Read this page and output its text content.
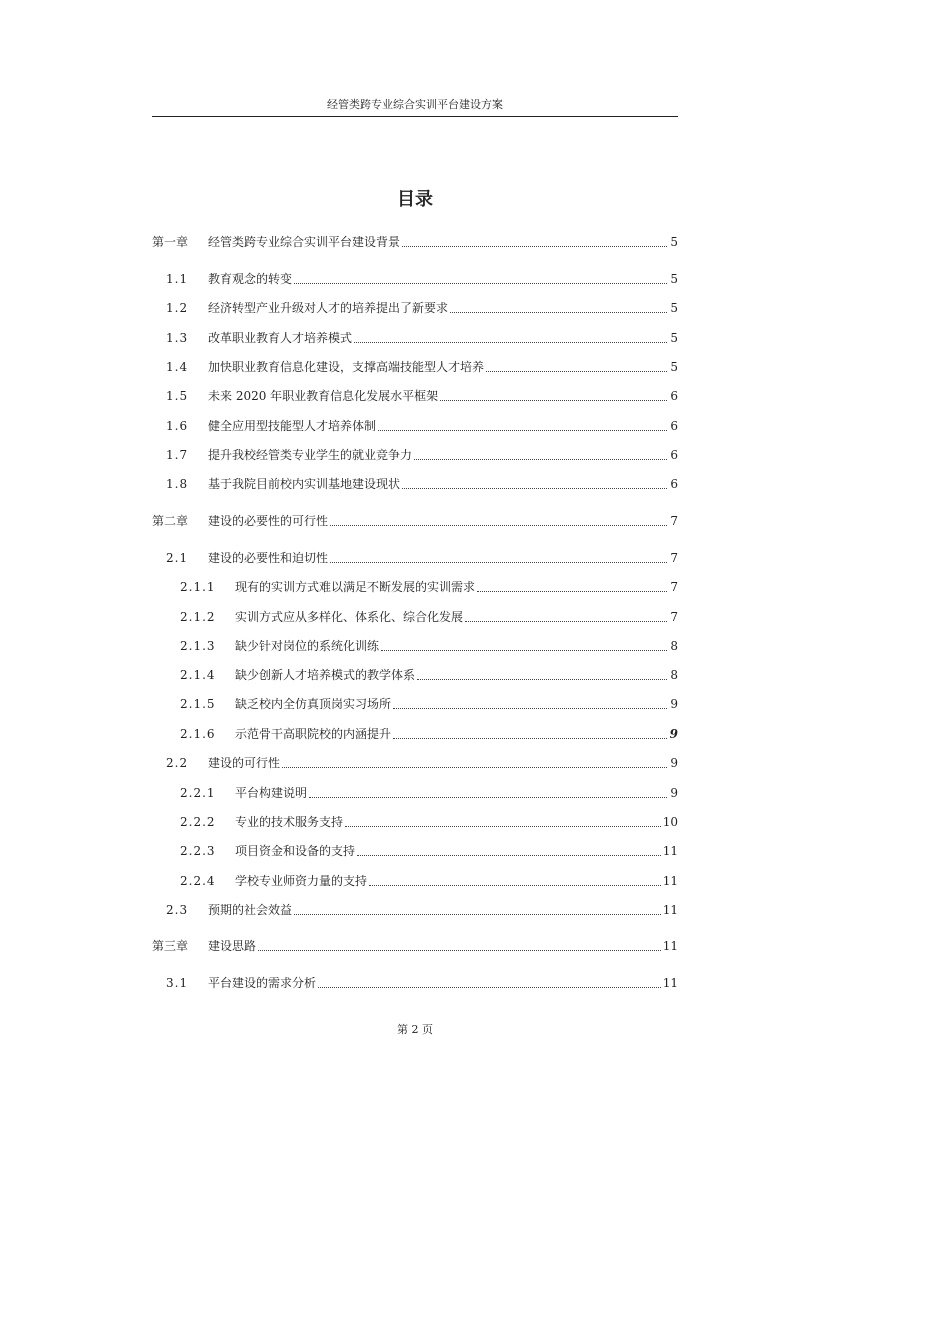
经管类跨专业综合实训平台建设方案
目录
第一章	经管类跨专业综合实训平台建设背景	5
1.1	教育观念的转变	5
1.2	经济转型产业升级对人才的培养提出了新要求	5
1.3	改革职业教育人才培养模式	5
1.4	加快职业教育信息化建设，支撑高端技能型人才培养	5
1.5	未来 2020 年职业教育信息化发展水平框架	6
1.6	健全应用型技能型人才培养体制	6
1.7	提升我校经管类专业学生的就业竞争力	6
1.8	基于我院目前校内实训基地建设现状	6
第二章	建设的必要性的可行性	7
2.1	建设的必要性和迫切性	7
2.1.1	现有的实训方式难以满足不断发展的实训需求	7
2.1.2	实训方式应从多样化、体系化、综合化发展	7
2.1.3	缺少针对岗位的系统化训练	8
2.1.4	缺少创新人才培养模式的教学体系	8
2.1.5	缺乏校内全仿真顶岗实习场所	9
2.1.6	示范骨干高职院校的内涵提升	9
2.2	建设的可行性	9
2.2.1	平台构建说明	9
2.2.2	专业的技术服务支持	10
2.2.3	项目资金和设备的支持	11
2.2.4	学校专业师资力量的支持	11
2.3	预期的社会效益	11
第三章	建设思路	11
3.1	平台建设的需求分析	11
第 2 页
